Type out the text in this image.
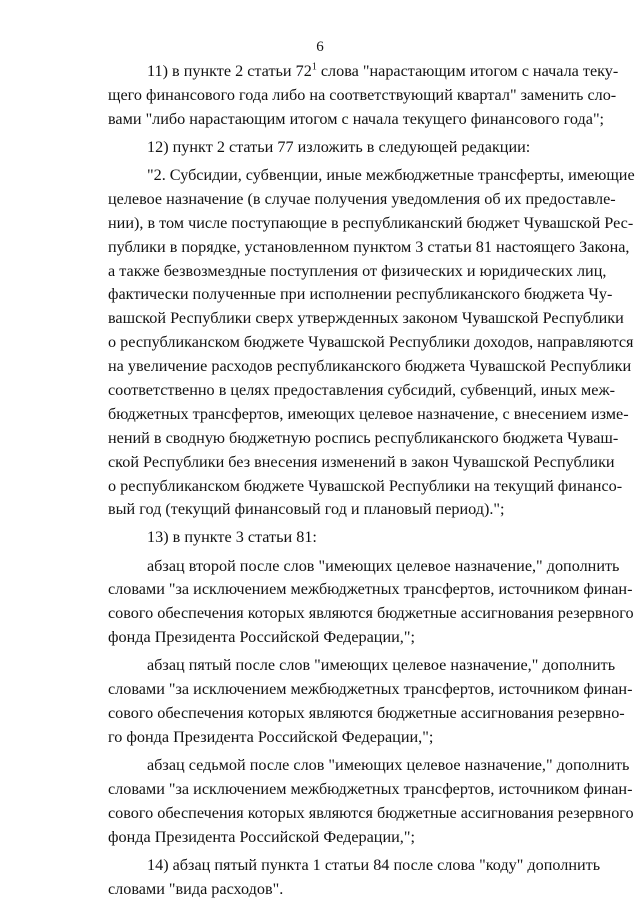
6
11) в пункте 2 статьи $72^1$ слова "нарастающим итогом с начала теку-
щего финансового года либо на соответствующий квартал" заменить сло-
вами "либо нарастающим итогом с начала текущего финансового года";
12) пункт 2 статьи 77 изложить в следующей редакции:
"2. Субсидии, субвенции, иные межбюджетные трансферты, имеющие
целевое назначение (в случае получения уведомления об их предоставле-
нии), в том числе поступающие в республиканский бюджет Чувашской Рес-
публики в порядке, установленном пунктом 3 статьи 81 настоящего Закона,
а также безвозмездные поступления от физических и юридических лиц,
фактически полученные при исполнении республиканского бюджета Чу-
вашской Республики сверх утвержденных законом Чувашской Республики
о республиканском бюджете Чувашской Республики доходов, направляются
на увеличение расходов республиканского бюджета Чувашской Республики
соответственно в целях предоставления субсидий, субвенций, иных меж-
бюджетных трансфертов, имеющих целевое назначение, с внесением изме-
нений в сводную бюджетную роспись республиканского бюджета Чуваш-
ской Республики без внесения изменений в закон Чувашской Республики
о республиканском бюджете Чувашской Республики на текущий финансо-
вый год (текущий финансовый год и плановый период).";
13) в пункте 3 статьи 81:
абзац второй после слов "имеющих целевое назначение," дополнить
словами "за исключением межбюджетных трансфертов, источником финан-
сового обеспечения которых являются бюджетные ассигнования резервного
фонда Президента Российской Федерации,";
абзац пятый после слов "имеющих целевое назначение," дополнить
словами "за исключением межбюджетных трансфертов, источником финан-
сового обеспечения которых являются бюджетные ассигнования резервно-
го фонда Президента Российской Федерации,";
абзац седьмой после слов "имеющих целевое назначение," дополнить
словами "за исключением межбюджетных трансфертов, источником финан-
сового обеспечения которых являются бюджетные ассигнования резервного
фонда Президента Российской Федерации,";
14) абзац пятый пункта 1 статьи 84 после слова "коду" дополнить
словами "вида расходов".
